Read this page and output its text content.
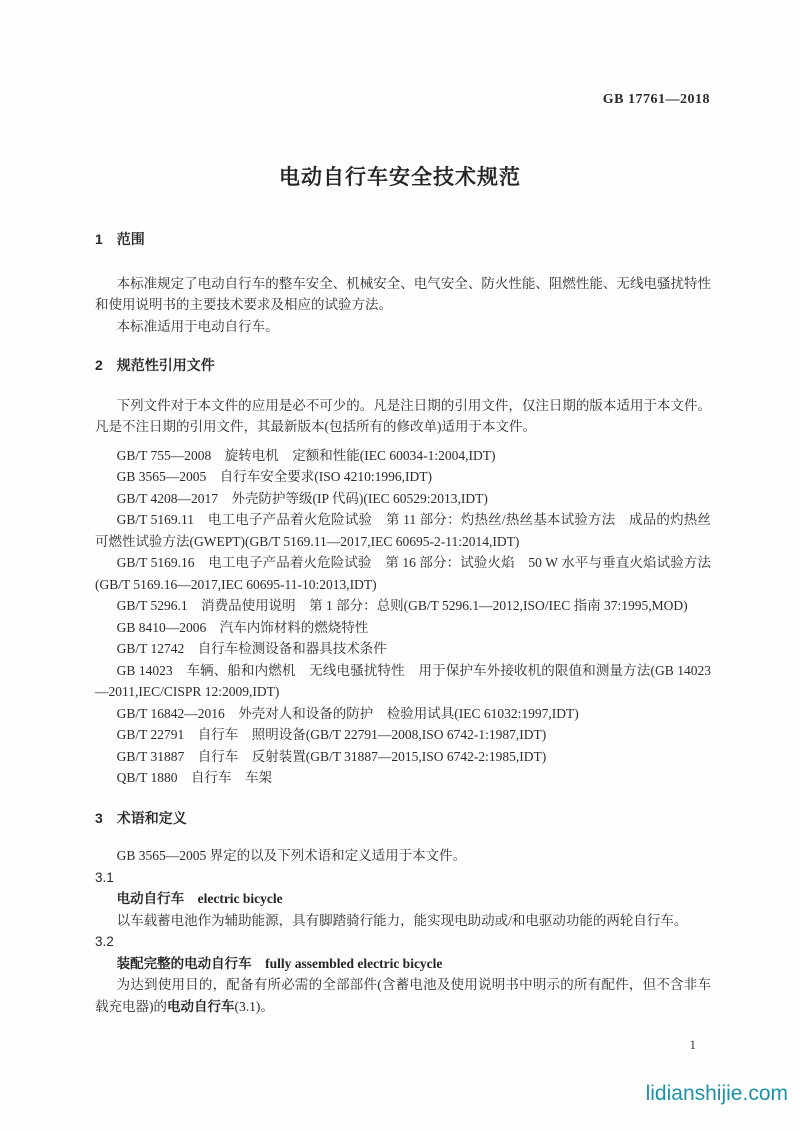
GB 17761—2018
电动自行车安全技术规范
1　范围

本标准规定了电动自行车的整车安全、机械安全、电气安全、防火性能、阻燃性能、无线电骚扰特性和使用说明书的主要技术要求及相应的试验方法。

本标准适用于电动自行车。

2　规范性引用文件

下列文件对于本文件的应用是必不可少的。凡是注日期的引用文件，仅注日期的版本适用于本文件。凡是不注日期的引用文件，其最新版本(包括所有的修改单)适用于本文件。

GB/T 755—2008　旋转电机　定额和性能(IEC 60034-1:2004,IDT)

GB 3565—2005　自行车安全要求(ISO 4210:1996,IDT)

GB/T 4208—2017　外壳防护等级(IP 代码)(IEC 60529:2013,IDT)

GB/T 5169.11　电工电子产品着火危险试验　第 11 部分：灼热丝/热丝基本试验方法　成品的灼热丝可燃性试验方法(GWEPT)(GB/T 5169.11—2017,IEC 60695-2-11:2014,IDT)

GB/T 5169.16　电工电子产品着火危险试验　第 16 部分：试验火焰　50 W 水平与垂直火焰试验方法(GB/T 5169.16—2017,IEC 60695-11-10:2013,IDT)

GB/T 5296.1　消费品使用说明　第 1 部分：总则(GB/T 5296.1—2012,ISO/IEC 指南 37:1995,MOD)

GB 8410—2006　汽车内饰材料的燃烧特性

GB/T 12742　自行车检测设备和器具技术条件

GB 14023　车辆、船和内燃机　无线电骚扰特性　用于保护车外接收机的限值和测量方法(GB 14023—2011,IEC/CISPR 12:2009,IDT)

GB/T 16842—2016　外壳对人和设备的防护　检验用试具(IEC 61032:1997,IDT)

GB/T 22791　自行车　照明设备(GB/T 22791—2008,ISO 6742-1:1987,IDT)

GB/T 31887　自行车　反射装置(GB/T 31887—2015,ISO 6742-2:1985,IDT)

QB/T 1880　自行车　车架

3　术语和定义

GB 3565—2005 界定的以及下列术语和定义适用于本文件。

3.1

电动自行车 electric bicycle

以车载蓄电池作为辅助能源，具有脚踏骑行能力，能实现电助动或/和电驱动功能的两轮自行车。

3.2

装配完整的电动自行车 fully assembled electric bicycle

为达到使用目的，配备有所必需的全部部件(含蓄电池及使用说明书中明示的所有配件，但不含非车载充电器)的电动自行车(3.1)。

1
lidianshijie.com
